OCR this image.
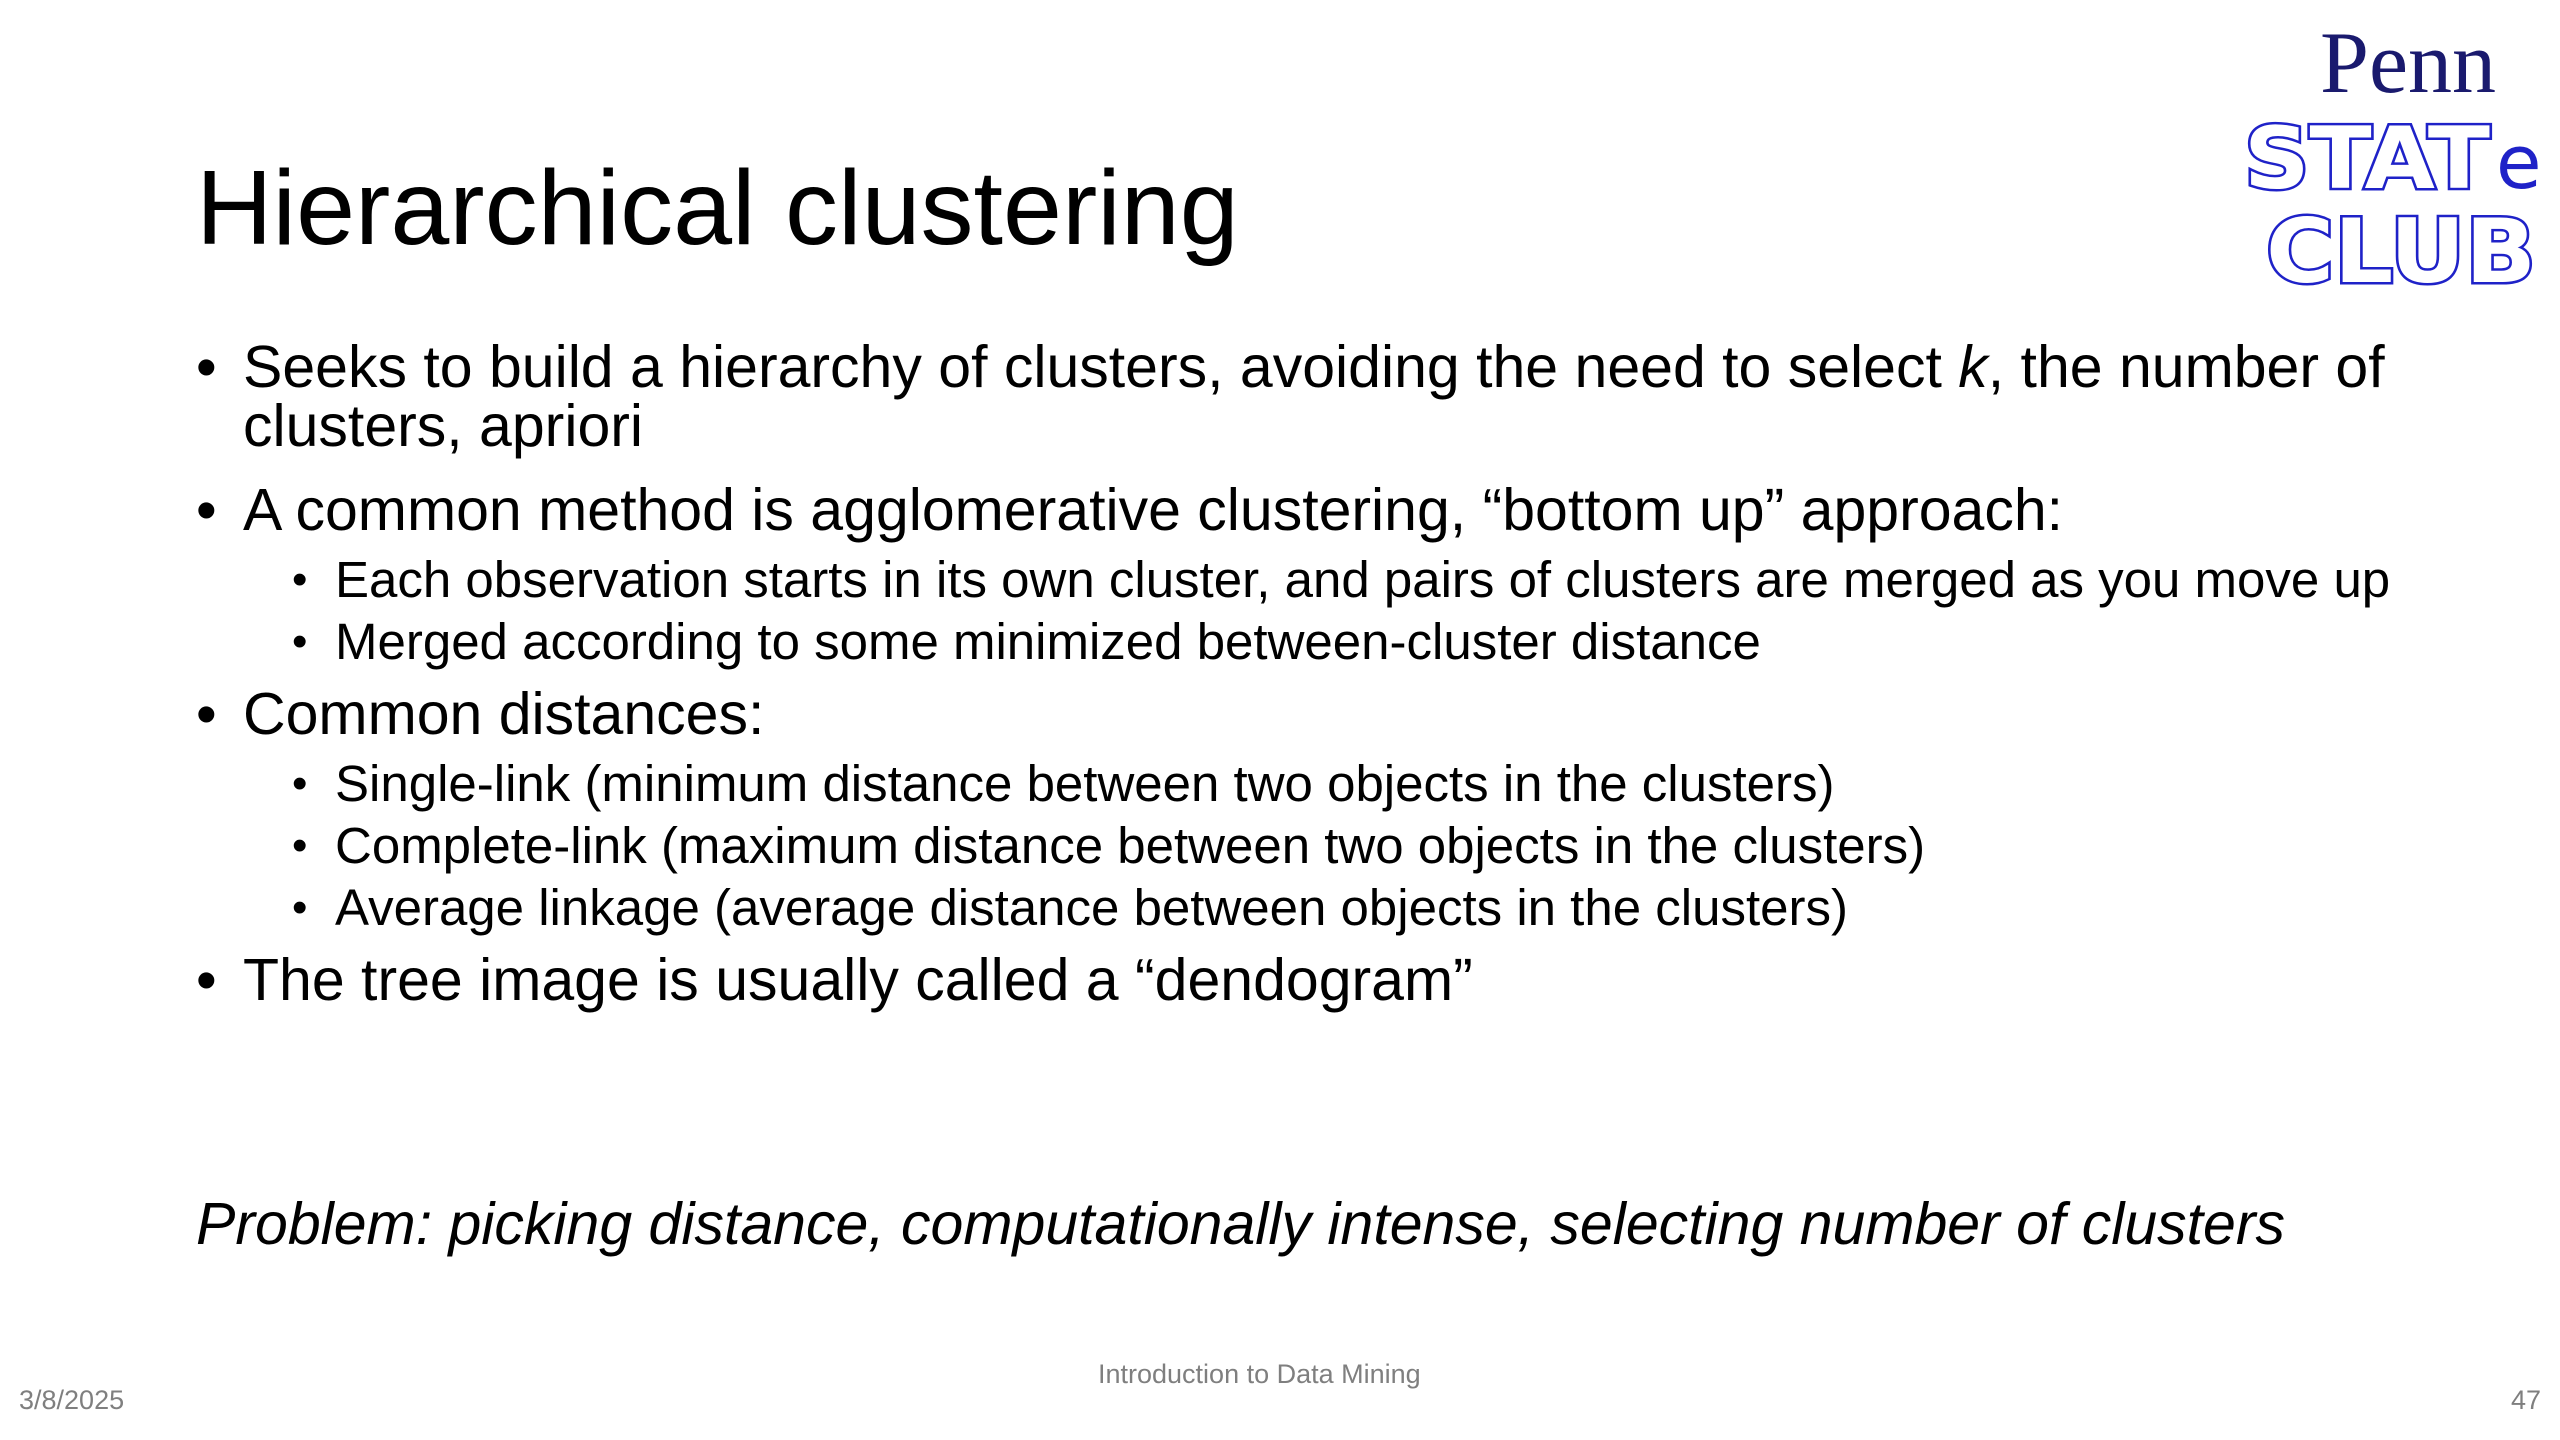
Hierarchical clustering
Penn
STAT e
CLUB
• Seeks to build a hierarchy of clusters, avoiding the need to select k, the number of clusters, apriori
• A common method is agglomerative clustering, “bottom up” approach:
• Each observation starts in its own cluster, and pairs of clusters are merged as you move up
• Merged according to some minimized between-cluster distance
• Common distances:
• Single-link (minimum distance between two objects in the clusters)
• Complete-link (maximum distance between two objects in the clusters)
• Average linkage (average distance between objects in the clusters)
• The tree image is usually called a “dendogram”
Problem: picking distance, computationally intense, selecting number of clusters
3/8/2025
Introduction to Data Mining
47
